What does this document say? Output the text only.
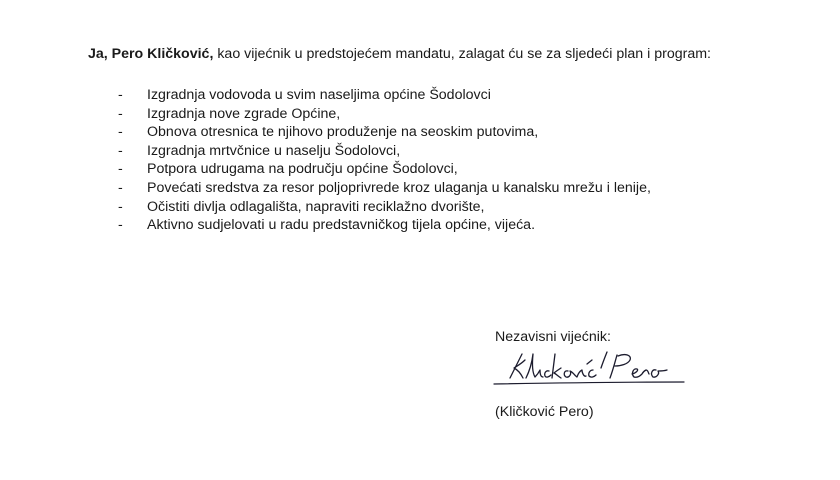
Ja, Pero Kličković, kao vijećnik u predstojećem mandatu, zalagat ću se za sljedeći plan i program:
-	Izgradnja vodovoda u svim naseljima općine Šodolovci
-	Izgradnja nove zgrade Općine,
-	Obnova otresnica te njihovo produženje na seoskim putovima,
-	Izgradnja mrtvčnice u naselju Šodolovci,
-	Potpora udrugama na području općine Šodolovci,
-	Povećati sredstva za resor poljoprivrede kroz ulaganja u kanalsku mrežu i lenije,
-	Očistiti divlja odlagališta, napraviti reciklažno dvorište,
-	Aktivno sudjelovati u radu predstavničkog tijela općine, vijeća.
Nezavisni vijećnik:
(Kličković Pero)
